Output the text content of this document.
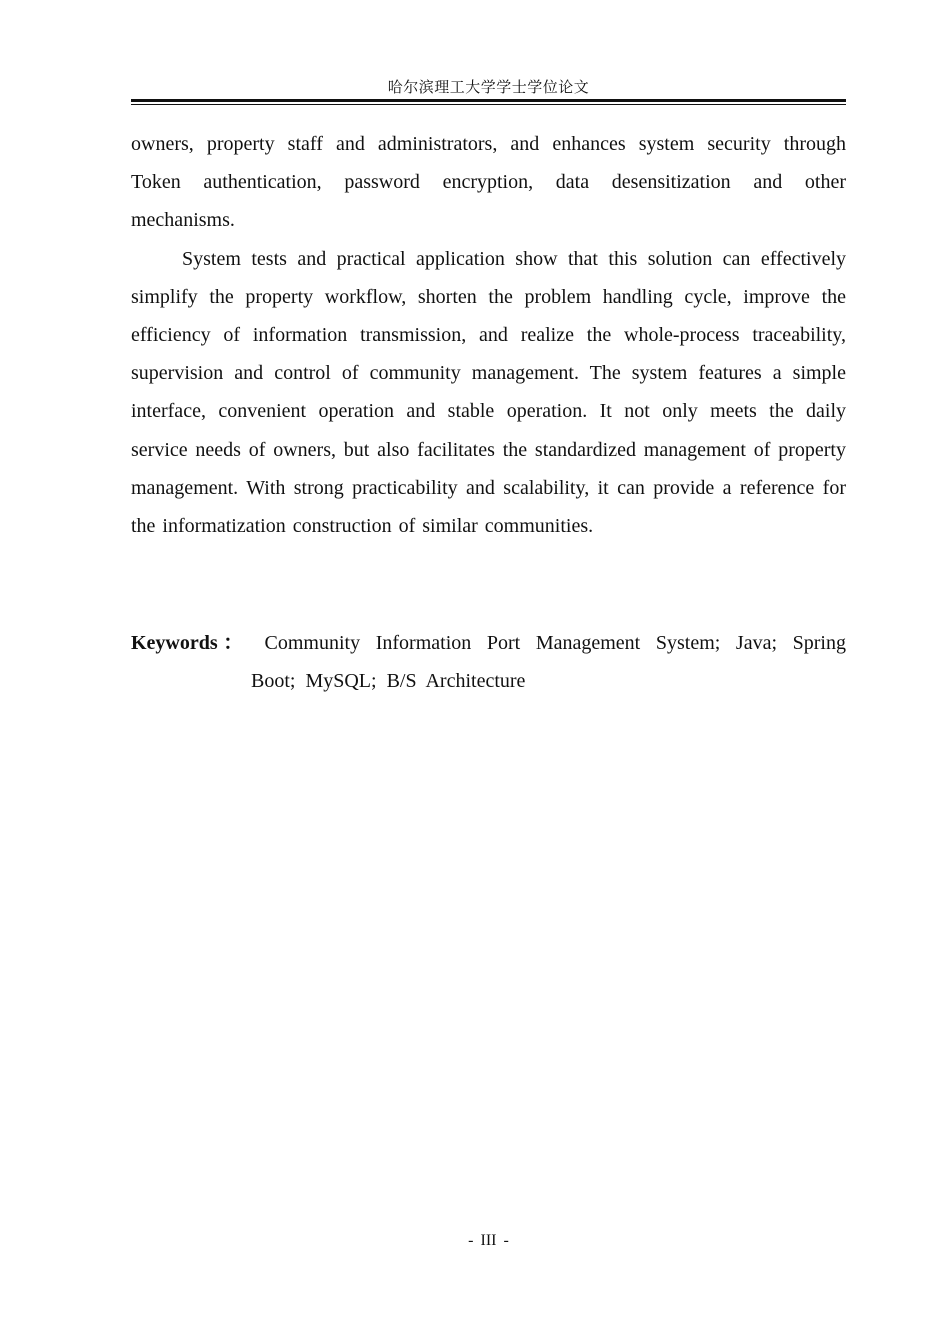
哈尔滨理工大学学士学位论文

owners, property staff and administrators, and enhances system security through Token authentication, password encryption, data desensitization and other mechanisms.

System tests and practical application show that this solution can effectively simplify the property workflow, shorten the problem handling cycle, improve the efficiency of information transmission, and realize the whole-process traceability, supervision and control of community management. The system features a simple interface, convenient operation and stable operation. It not only meets the daily service needs of owners, but also facilitates the standardized management of property management. With strong practicability and scalability, it can provide a reference for the informatization construction of similar communities.

Keywords： Community Information Port Management System; Java; Spring Boot; MySQL; B/S Architecture
- III -
